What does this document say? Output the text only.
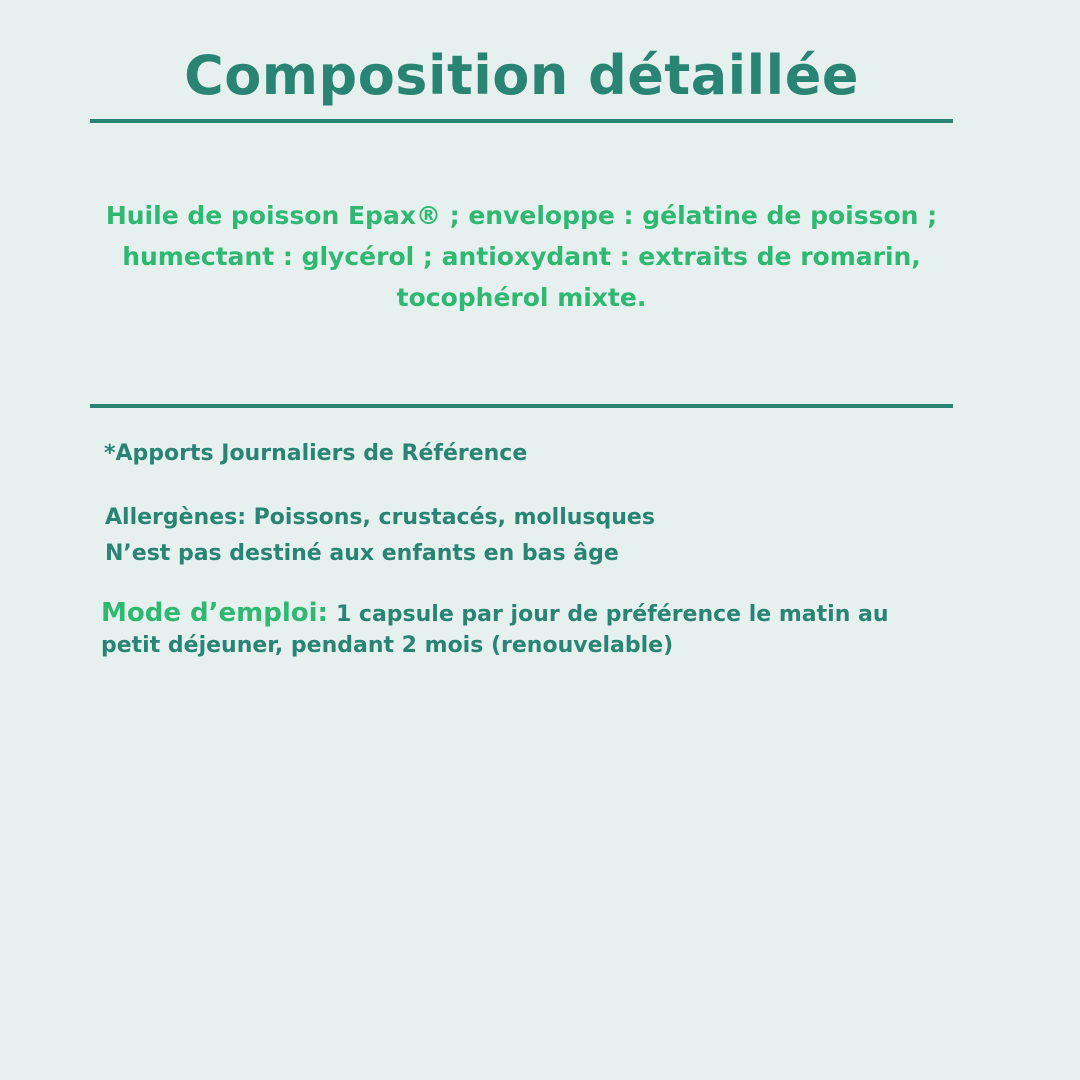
Composition détaillée
Huile de poisson Epax® ; enveloppe : gélatine de poisson ;
humectant : glycérol ; antioxydant : extraits de romarin,
tocophérol mixte.
*Apports Journaliers de Référence
Allergènes: Poissons, crustacés, mollusques
N’est pas destiné aux enfants en bas âge
Mode d’emploi: 1 capsule par jour de préférence le matin au
petit déjeuner, pendant 2 mois (renouvelable)
